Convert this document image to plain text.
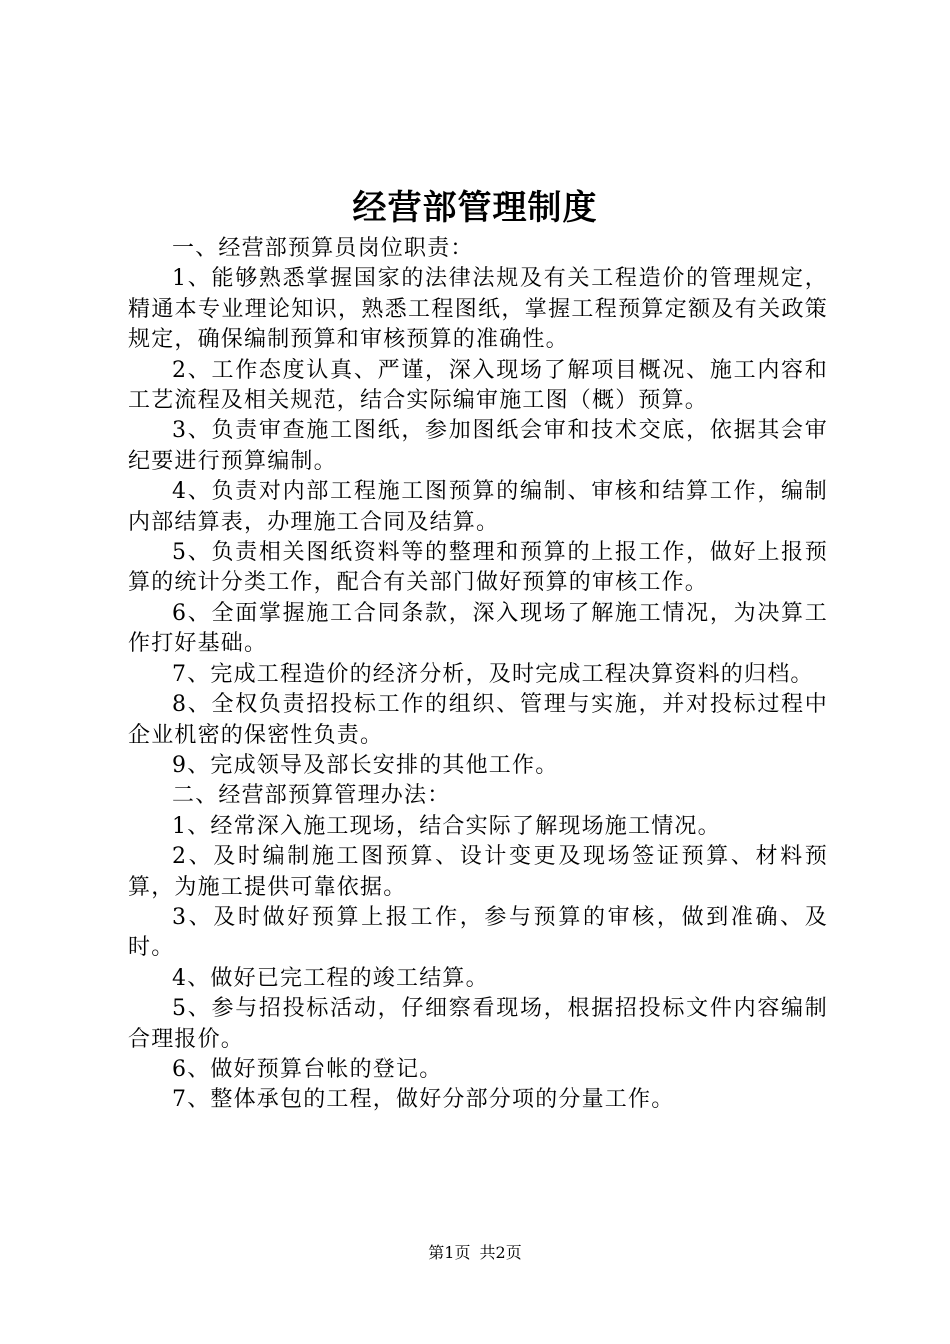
经营部管理制度

一、经营部预算员岗位职责：

1、能够熟悉掌握国家的法律法规及有关工程造价的管理规定，精通本专业理论知识，熟悉工程图纸，掌握工程预算定额及有关政策规定，确保编制预算和审核预算的准确性。

2、工作态度认真、严谨，深入现场了解项目概况、施工内容和工艺流程及相关规范，结合实际编审施工图（概）预算。

3、负责审查施工图纸，参加图纸会审和技术交底，依据其会审纪要进行预算编制。

4、负责对内部工程施工图预算的编制、审核和结算工作，编制内部结算表，办理施工合同及结算。

5、负责相关图纸资料等的整理和预算的上报工作，做好上报预算的统计分类工作，配合有关部门做好预算的审核工作。

6、全面掌握施工合同条款，深入现场了解施工情况，为决算工作打好基础。

7、完成工程造价的经济分析，及时完成工程决算资料的归档。

8、全权负责招投标工作的组织、管理与实施，并对投标过程中企业机密的保密性负责。

9、完成领导及部长安排的其他工作。

二、经营部预算管理办法：

1、经常深入施工现场，结合实际了解现场施工情况。

2、及时编制施工图预算、设计变更及现场签证预算、材料预算，为施工提供可靠依据。

3、及时做好预算上报工作，参与预算的审核，做到准确、及时。

4、做好已完工程的竣工结算。

5、参与招投标活动，仔细察看现场，根据招投标文件内容编制合理报价。

6、做好预算台帐的登记。

7、整体承包的工程，做好分部分项的分量工作。

第1页 共2页
